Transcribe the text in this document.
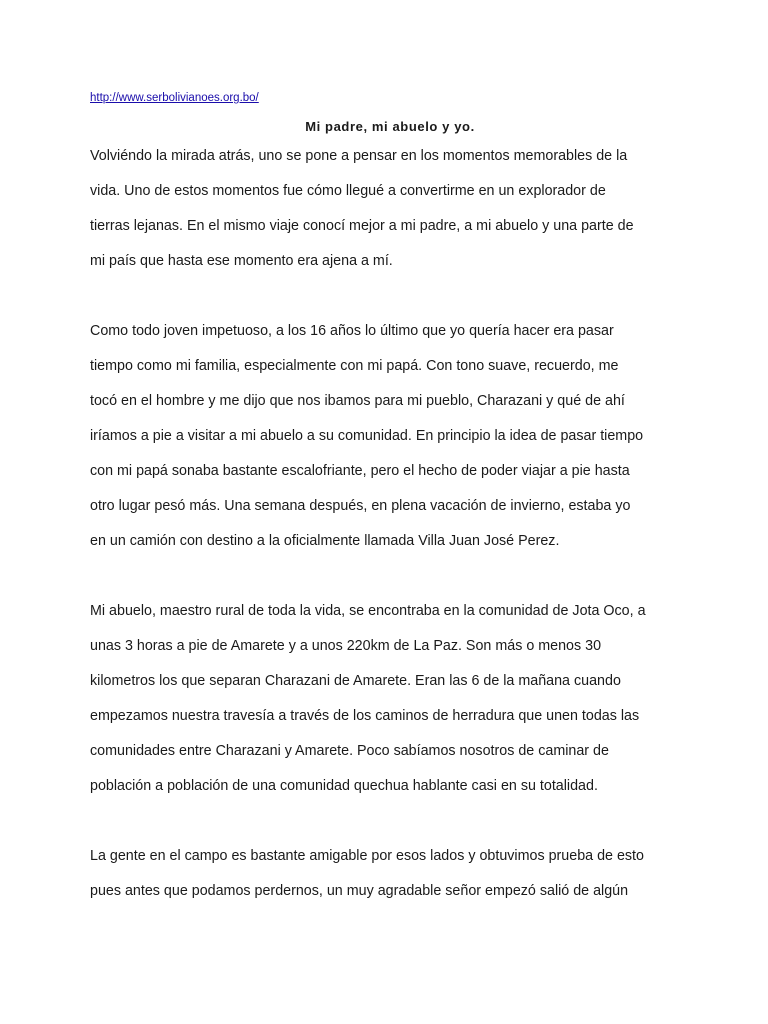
http://www.serbolivianoes.org.bo/
Mi padre, mi abuelo y yo.

Volviéndo la mirada atrás, uno se pone a pensar en los momentos memorables de la
vida. Uno de estos momentos fue cómo llegué a convertirme en un explorador de
tierras lejanas. En el mismo viaje conocí mejor a mi padre, a mi abuelo y una parte de
mi país que hasta ese momento era ajena a mí.

Como todo joven impetuoso, a los 16 años lo último que yo quería hacer era pasar
tiempo como mi familia, especialmente con mi papá. Con tono suave, recuerdo, me
tocó en el hombre y me dijo que nos ibamos para mi pueblo, Charazani y qué de ahí
iríamos a pie a visitar a mi abuelo a su comunidad. En principio la idea de pasar tiempo
con mi papá sonaba bastante escalofriante, pero el hecho de poder viajar a pie hasta
otro lugar pesó más. Una semana después, en plena vacación de invierno, estaba yo
en un camión con destino a la oficialmente llamada Villa Juan José Perez.

Mi abuelo, maestro rural de toda la vida, se encontraba en la comunidad de Jota Oco, a
unas 3 horas a pie de Amarete y a unos 220km de La Paz. Son más o menos 30
kilometros los que separan Charazani de Amarete. Eran las 6 de la mañana cuando
empezamos nuestra travesía a través de los caminos de herradura que unen todas las
comunidades entre Charazani y Amarete. Poco sabíamos nosotros de caminar de
población a población de una comunidad quechua hablante casi en su totalidad.

La gente en el campo es bastante amigable por esos lados y obtuvimos prueba de esto
pues antes que podamos perdernos, un muy agradable señor empezó salió de algún
